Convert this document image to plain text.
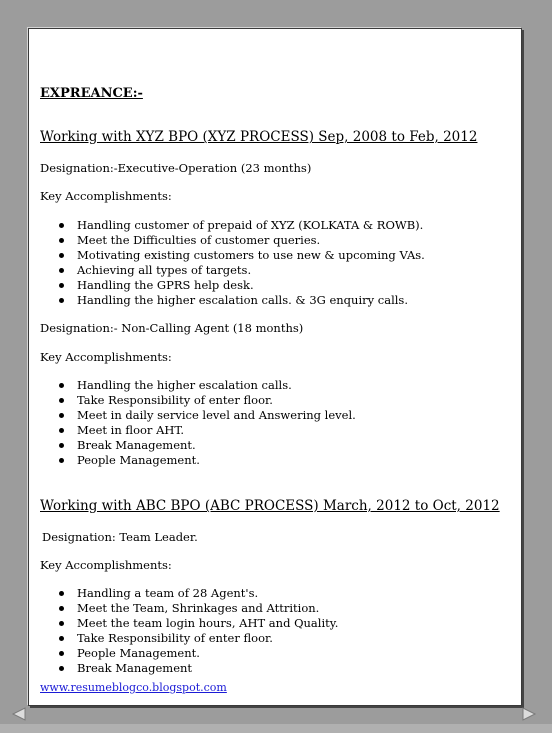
EXPREANCE:-
Working with XYZ BPO (XYZ PROCESS) Sep, 2008 to Feb, 2012
Designation:-Executive-Operation (23 months)
Key Accomplishments:
Handling customer of prepaid of XYZ (KOLKATA & ROWB).
Meet the Difficulties of customer queries.
Motivating existing customers to use new & upcoming VAs.
Achieving all types of targets.
Handling the GPRS help desk.
Handling the higher escalation calls. & 3G enquiry calls.
Designation:- Non-Calling Agent (18 months)
Key Accomplishments:
Handling the higher escalation calls.
Take Responsibility of enter floor.
Meet in daily service level and Answering level.
Meet in floor AHT.
Break Management.
People Management.
Working with ABC BPO (ABC PROCESS) March, 2012 to Oct, 2012
Designation: Team Leader.
Key Accomplishments:
Handling a team of 28 Agent's.
Meet the Team, Shrinkages and Attrition.
Meet the team login hours, AHT and Quality.
Take Responsibility of enter floor.
People Management.
Break Management
www.resumeblogco.blogspot.com
